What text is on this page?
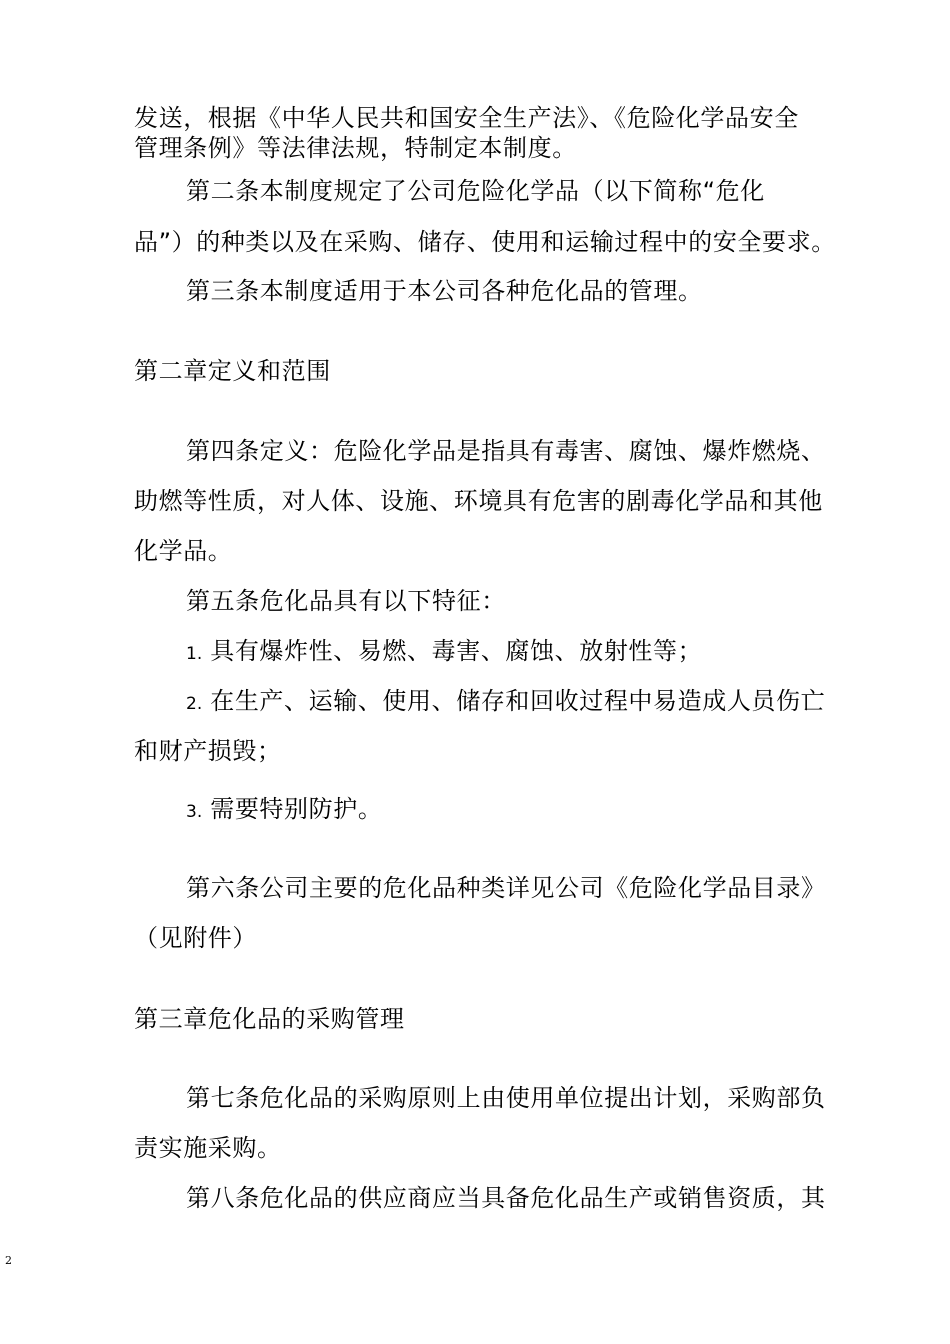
发送，根据《中华人民共和国安全生产法》、《危险化学品安全
管理条例》等法律法规，特制定本制度。
第二条本制度规定了公司危险化学品（以下简称“危化
品”）的种类以及在采购、储存、使用和运输过程中的安全要求。
第三条本制度适用于本公司各种危化品的管理。
第二章定义和范围
第四条定义：危险化学品是指具有毒害、腐蚀、爆炸燃烧、
助燃等性质，对人体、设施、环境具有危害的剧毒化学品和其他
化学品。
第五条危化品具有以下特征：
1. 具有爆炸性、易燃、毒害、腐蚀、放射性等；
2. 在生产、运输、使用、储存和回收过程中易造成人员伤亡
和财产损毁；
3. 需要特别防护。
第六条公司主要的危化品种类详见公司《危险化学品目录》
（见附件）
第三章危化品的采购管理
第七条危化品的采购原则上由使用单位提出计划，采购部负
责实施采购。
第八条危化品的供应商应当具备危化品生产或销售资质，其
2
